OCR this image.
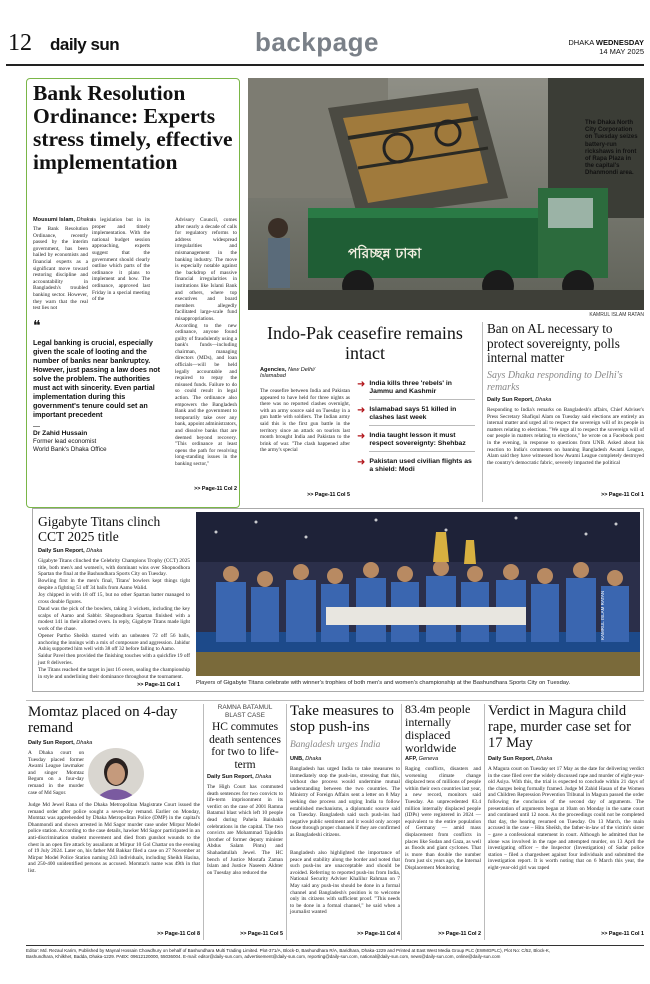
12 daily sun	backpage	DHAKA WEDNESDAY
14 MAY 2025
Bank Resolution Ordinance: Experts stress timely, effective implementation
Mousumi Islam, Dhaka
The Bank Resolution Ordinance, recently passed by the interim government, has been hailed by economists and financial experts as a significant move toward restoring discipline and accountability in Bangladesh's troubled banking sector. However, they warn that the real test lies not
in legislation but in its proper and timely implementation. With the national budget session approaching, experts suggest that the government should clearly outline which parts of the ordinance it plans to implement and how. The ordinance, approved last Friday in a special meeting of the
Advisory Council, comes after nearly a decade of calls for regulatory reforms to address widespread irregularities and mismanagement in the banking industry. The move is especially notable against the backdrop of massive financial irregularities in institutions like Islami Bank and others, where top executives and board members allegedly facilitated large-scale fund misappropriations. According to the new ordinance, anyone found guilty of fraudulently using a bank's funds—including chairman, managing directors (MDs), and loan officials—will be held legally accountable and required to repay the misused funds. Failure to do so could result in legal action. The ordinance also empowers the Bangladesh Bank and the government to temporarily take over any bank, appoint administrators, and dissolve banks that are deemed beyond recovery. "This ordinance at least opens the path for resolving long-standing issues in the banking sector,"
>> Page-11 Col 2
❝
Legal banking is crucial, especially given the scale of looting and the number of banks near bankruptcy. However, just passing a law does not solve the problem. The authorities must act with sincerity. Even partial implementation during this government's tenure could set an important precedent
—
Dr Zahid Hussain
Former lead economist
World Bank's Dhaka Office
পরিচ্ছন্ন ঢাকা
The Dhaka North City Corporation on Tuesday seizes battery-run rickshaws in front of Rapa Plaza in the capital's Dhanmondi area.
KAMRUL ISLAM RATAN
Indo-Pak ceasefire remains intact
Agencies, New Delhi/ Islamabad
The ceasefire between India and Pakistan appeared to have held for three nights as there was no reported clashes overnight, with an army source said on Tuesday in a gun battle with soldiers. The Indian army said this is the first gun battle in the territory since an attack on tourists last month brought India and Pakistan to the brink of war. "The clash happened after the army's special
>> Page-11 Col 5
➜ India kills three 'rebels' in Jammu and Kashmir
➜ Islamabad says 51 killed in clashes last week
➜ India taught lesson it must respect sovereignty: Shehbaz
➜ Pakistan used civilian flights as a shield: Modi
Ban on AL necessary to protect sovereignty, polls internal matter
Says Dhaka responding to Delhi's remarks
Daily Sun Report, Dhaka
Responding to India's remarks on Bangladesh's affairs, Chief Adviser's Press Secretary Shafiqul Alam on Tuesday said elections are entirely an internal matter and urged all to respect the sovereign will of its people in matters relating to elections. "We urge all to respect the sovereign will of our people in matters relating to elections," he wrote on a Facebook post in the evening, in response to questions from UNB. Asked about his reaction to India's comments on banning Bangladesh Awami League, Alam said they have witnessed how Awami League completely destroyed the country's democratic fabric, severely impacted the political
>> Page-11 Col 1
Gigabyte Titans clinch CCT 2025 title
Daily Sun Report, Dhaka

Gigabyte Titans clinched the Celebrity Champions Trophy (CCT) 2025 title, both men's and women's, with dominant wins over Shopnodhora Spartan the final at the Bashundhara Sports City on Tuesday.

Bowling first in the men's final, Titans' bowlers kept things tight despite a fighting 51 off 34 balls from Aamo Walid.

Joy chipped in with 18 off 15, but no other Spartan batter managed to cross double figures.

Daud was the pick of the bowlers, taking 3 wickets, including the key scalps of Aamo and Sabbir. Shopnodhora Spartan finished with a modest 141 in their allotted overs. In reply, Gigabyte Titans made light work of the chase.

Opener Partho Sheikh starred with an unbeaten 72 off 56 balls, anchoring the innings with a mix of composure and aggression. Jahidur Ashiq supported him well with 38 off 32 before falling to Aamo.

Saidur Pavel then provided the finishing touches with a quickfire 19 off just 8 deliveries.

The Titans reached the target in just 16 overs, sealing the championship in style and underlining their dominance throughout the tournament.

>> Page-11 Col 1
KAMRUL ISLAM RATAN
Players of Gigabyte Titans celebrate with winner's trophies of both men's and women's championship at the Bashundhara Sports City on Tuesday.
Momtaz placed on 4-day remand
Daily Sun Report, Dhaka
A Dhaka court on Tuesday placed former Awami League lawmaker and singer Momtaz Begum on a four-day remand in the murder case of Md Sagor.
Judge Md Jewel Rana of the Dhaka Metropolitan Magistrate Court issued the remand order after police sought a seven-day remand. Earlier on Monday, Momtaz was apprehended by Dhaka Metropolitan Police (DMP) in the capital's Dhanmondi and shown arrested in Md Sagor murder case under Mirpur Model police station. According to the case details, hawker Md Sagor participated in an anti-discrimination student movement and died from gunshot wounds to the chest in an open fire attack by assailants at Mirpur 10 Gol Chattar on the evening of 19 July 2024. Later on, his father Md Bakkar filed a case on 27 November at Mirpur Model Police Station naming 243 individuals, including Sheikh Hasina, and 250-400 unidentified persons as accused. Momtaz's name was 49th in that list.
>> Page-11 Col 8
RAMNA BATAMUL BLAST CASE
HC commutes death sentences for two to life-term
Daily Sun Report, Dhaka
The High Court has commuted death sentences for two convicts to life-term imprisonment in its verdict on the case of 2001 Ramna Batamul blast which left 10 people dead during Pahela Baishakh celebrations in the capital. The two convicts are Mohammad Tajuddin (brother of former deputy minister Abdus Salam Pintu) and Shahadatullah Jewel. The HC bench of Justice Mostafa Zaman Islam and Justice Naseem Akhter on Tuesday also reduced the
>> Page-11 Col 5
Take measures to stop push-ins
Bangladesh urges India
UNB, Dhaka
Bangladesh has urged India to take measures to immediately stop the push-ins, stressing that this, without due process would undermine mutual understanding between the two countries. The Ministry of Foreign Affairs sent a letter on 8 May seeking due process and urging India to follow established mechanisms, a diplomatic source said on Tuesday. Bangladesh said such push-ins had negative public sentiment and it would only accept those through proper channels if they are confirmed as Bangladeshi citizens.
Bangladesh also highlighted the importance of peace and stability along the border and noted that such push-ins are unacceptable and should be avoided. Referring to reported push-ins from India, National Security Adviser Khalilur Rahman on 7 May said any push-ins should be done in a formal channel and Bangladesh's position is to welcome only its citizens with sufficient proof. "This needs to be done in a formal channel," he said when a journalist wanted
>> Page-11 Col 4
83.4m people internally displaced worldwide
AFP, Geneva
Raging conflicts, disasters and worsening climate change displaced tens of millions of people within their own countries last year, a new record, monitors said Tuesday. An unprecedented 83.4 million internally displaced people (IDPs) were registered in 2024 — equivalent to the entire population of Germany — amid mass displacement from conflicts in places like Sudan and Gaza, as well as floods and giant cyclones. That is more than double the number from just six years ago, the Internal Displacement Monitoring
>> Page-11 Col 2
Verdict in Magura child rape, murder case set for 17 May
Daily Sun Report, Dhaka
A Magura court on Tuesday set 17 May as the date for delivering verdict in the case filed over the widely discussed rape and murder of eight-year-old Asiya. With this, the trial is expected to conclude within 21 days of the charges being formally framed. Judge M Zahid Hasan of the Women and Children Repression Prevention Tribunal in Magura passed the order following the conclusion of the second day of arguments. The presentation of arguments began at 10am on Monday in the same court and continued until 12 noon. As the proceedings could not be completed that day, the hearing resumed on Tuesday. On 13 March, the main accused in the case – Hitu Sheikh, the father-in-law of the victim's sister – gave a confessional statement in court. Although he admitted that he alone was involved in the rape and attempted murder, on 13 April the investigating officer – the Inspector (Investigation) of Sadar police station – filed a chargesheet against four individuals and submitted the investigation report. It is worth noting that on 6 March this year, the eight-year-old girl was raped
>> Page-11 Col 1
Editor: Md. Rezaul Karim, Published by Maynal Hossain Chowdhury on behalf of Bashundhara Multi Trading Limited. Plot-371/A, Block-D, Bashundhara R/A, Baridhara, Dhaka-1229 and Printed at East West Media Group PLC (EWMGPLC), Plot No: C/52, Block-K,
Bashundhara, Khilkhet, Badda, Dhaka-1229. PABX: 09612120000, 55036004. E-mail: editor@daily-sun.com, advertisement@daily-sun.com, reporting@daily-sun.com, national@daily-sun.com, news@daily-sun.com, online@daily-sun.com
